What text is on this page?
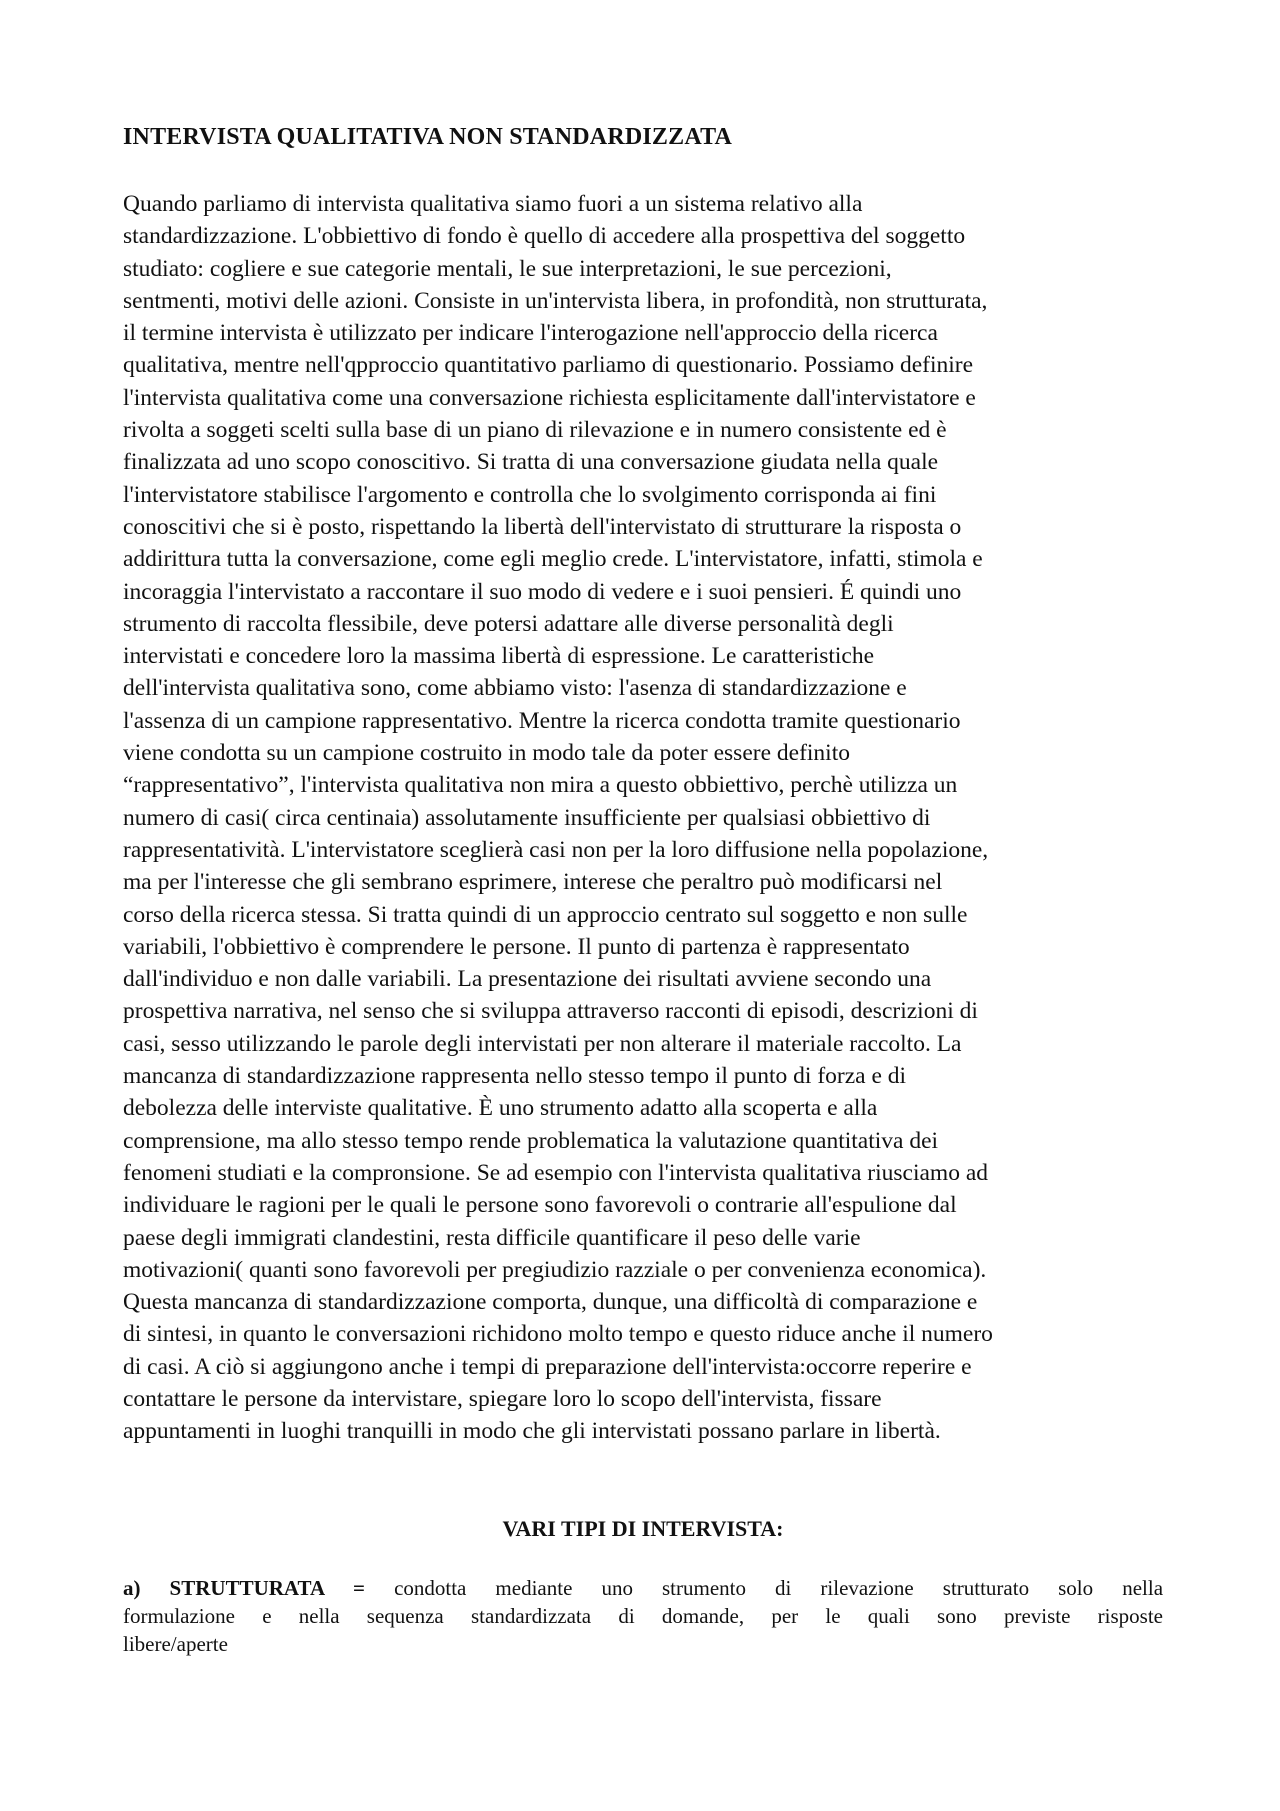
INTERVISTA QUALITATIVA NON STANDARDIZZATA
Quando parliamo di intervista qualitativa siamo fuori a un sistema relativo alla
standardizzazione. L'obbiettivo di fondo è quello di accedere alla prospettiva del soggetto
studiato: cogliere e sue categorie mentali, le sue interpretazioni, le sue percezioni,
sentmenti, motivi delle azioni. Consiste in un'intervista libera, in profondità, non strutturata,
il termine intervista è utilizzato per indicare l'interogazione nell'approccio della ricerca
qualitativa, mentre nell'qpproccio quantitativo parliamo di questionario. Possiamo definire
l'intervista qualitativa come una conversazione richiesta esplicitamente dall'intervistatore e
rivolta a soggeti scelti sulla base di un piano di rilevazione e in numero consistente ed è
finalizzata ad uno scopo conoscitivo. Si tratta di una conversazione giudata nella quale
l'intervistatore stabilisce l'argomento e controlla che lo svolgimento corrisponda ai fini
conoscitivi che si è posto, rispettando la libertà dell'intervistato di strutturare la risposta o
addirittura tutta la conversazione, come egli meglio crede. L'intervistatore, infatti, stimola e
incoraggia l'intervistato a raccontare il suo modo di vedere e i suoi pensieri. É quindi uno
strumento di raccolta flessibile, deve potersi adattare alle diverse personalità degli
intervistati e concedere loro la massima libertà di espressione. Le caratteristiche
dell'intervista qualitativa sono, come abbiamo visto: l'asenza di standardizzazione e
l'assenza di un campione rappresentativo. Mentre la ricerca condotta tramite questionario
viene condotta su un campione costruito in modo tale da poter essere definito
“rappresentativo”, l'intervista qualitativa non mira a questo obbiettivo, perchè utilizza un
numero di casi( circa centinaia) assolutamente insufficiente per qualsiasi obbiettivo di
rappresentatività. L'intervistatore sceglierà casi non per la loro diffusione nella popolazione,
ma per l'interesse che gli sembrano esprimere, interese che peraltro può modificarsi nel
corso della ricerca stessa. Si tratta quindi di un approccio centrato sul soggetto e non sulle
variabili, l'obbiettivo è comprendere le persone. Il punto di partenza è rappresentato
dall'individuo e non dalle variabili. La presentazione dei risultati avviene secondo una
prospettiva narrativa, nel senso che si sviluppa attraverso racconti di episodi, descrizioni di
casi, sesso utilizzando le parole degli intervistati per non alterare il materiale raccolto. La
mancanza di standardizzazione rappresenta nello stesso tempo il punto di forza e di
debolezza delle interviste qualitative. È uno strumento adatto alla scoperta e alla
comprensione, ma allo stesso tempo rende problematica la valutazione quantitativa dei
fenomeni studiati e la compronsione. Se ad esempio con l'intervista qualitativa riusciamo ad
individuare le ragioni per le quali le persone sono favorevoli o contrarie all'espulione dal
paese degli immigrati clandestini, resta difficile quantificare il peso delle varie
motivazioni( quanti sono favorevoli per pregiudizio razziale o per convenienza economica).
Questa mancanza di standardizzazione comporta, dunque, una difficoltà di comparazione e
di sintesi, in quanto le conversazioni richidono molto tempo e questo riduce anche il numero
di casi. A ciò si aggiungono anche i tempi di preparazione dell'intervista:occorre reperire e
contattare le persone da intervistare, spiegare loro lo scopo dell'intervista, fissare
appuntamenti in luoghi tranquilli in modo che gli intervistati possano parlare in libertà.
VARI TIPI DI INTERVISTA:
a) STRUTTURATA = condotta mediante uno strumento di rilevazione strutturato solo nella
formulazione e nella sequenza standardizzata di domande, per le quali sono previste risposte
libere/aperte
